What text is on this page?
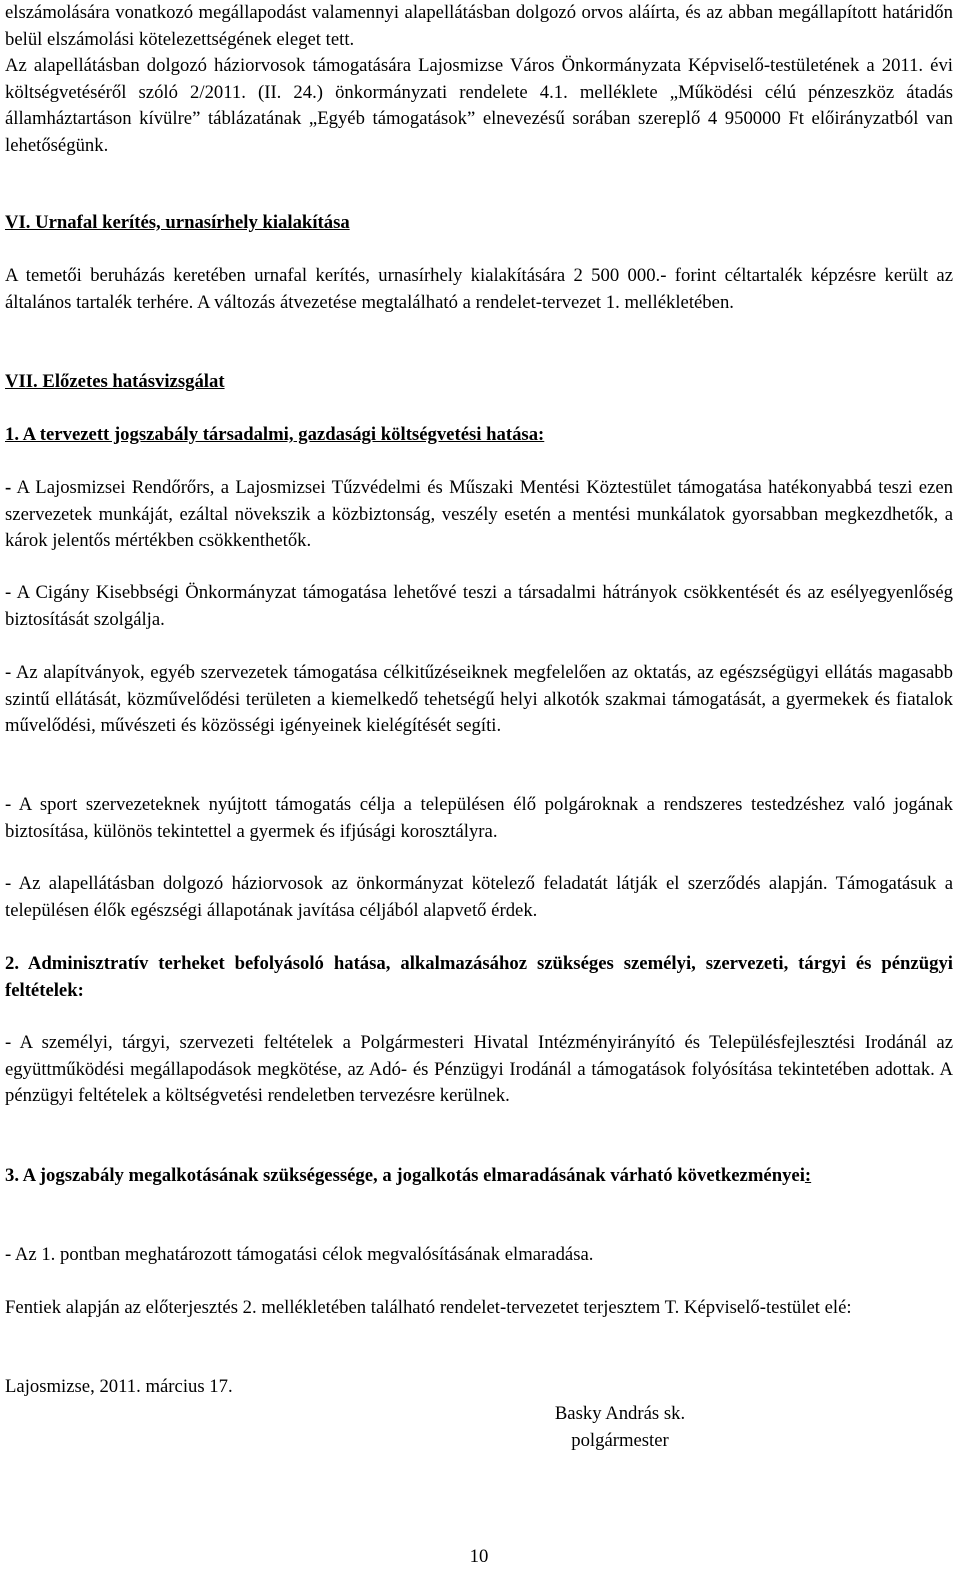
elszámolására vonatkozó megállapodást valamennyi alapellátásban dolgozó orvos aláírta, és az abban megállapított határidőn belül elszámolási kötelezettségének eleget tett.

Az alapellátásban dolgozó háziorvosok támogatására Lajosmizse Város Önkormányzata Képviselő-testületének a 2011. évi költségvetéséről szóló 2/2011. (II. 24.) önkormányzati rendelete 4.1. melléklete „Működési célú pénzeszköz átadás államháztartáson kívülre” táblázatának „Egyéb támogatások” elnevezésű sorában szereplő 4 950000 Ft előirányzatból van lehetőségünk.

VI. Urnafal kerítés, urnasírhely kialakítása

A temetői beruházás keretében urnafal kerítés, urnasírhely kialakítására 2 500 000.- forint céltartalék képzésre került az általános tartalék terhére. A változás átvezetése megtalálható a rendelet-tervezet 1. mellékletében.

VII. Előzetes hatásvizsgálat

1. A tervezett jogszabály társadalmi, gazdasági költségvetési hatása:

- A Lajosmizsei Rendőrőrs, a Lajosmizsei Tűzvédelmi és Műszaki Mentési Köztestület támogatása hatékonyabbá teszi ezen szervezetek munkáját, ezáltal növekszik a közbiztonság, veszély esetén a mentési munkálatok gyorsabban megkezdhetők, a károk jelentős mértékben csökkenthetők.

- A Cigány Kisebbségi Önkormányzat támogatása lehetővé teszi a társadalmi hátrányok csökkentését és az esélyegyenlőség biztosítását szolgálja.

- Az alapítványok, egyéb szervezetek támogatása célkitűzéseiknek megfelelően az oktatás, az egészségügyi ellátás magasabb szintű ellátását, közművelődési területen a kiemelkedő tehetségű helyi alkotók szakmai támogatását, a gyermekek és fiatalok művelődési, művészeti és közösségi igényeinek kielégítését segíti.

- A sport szervezeteknek nyújtott támogatás célja a településen élő polgároknak a rendszeres testedzéshez való jogának biztosítása, különös tekintettel a gyermek és ifjúsági korosztályra.

- Az alapellátásban dolgozó háziorvosok az önkormányzat kötelező feladatát látják el szerződés alapján. Támogatásuk a településen élők egészségi állapotának javítása céljából alapvető érdek.

2. Adminisztratív terheket befolyásoló hatása, alkalmazásához szükséges személyi, szervezeti, tárgyi és pénzügyi feltételek:

- A személyi, tárgyi, szervezeti feltételek a Polgármesteri Hivatal Intézményirányító és Településfejlesztési Irodánál az együttműködési megállapodások megkötése, az Adó- és Pénzügyi Irodánál a támogatások folyósítása tekintetében adottak. A pénzügyi feltételek a költségvetési rendeletben tervezésre kerülnek.

3. A jogszabály megalkotásának szükségessége, a jogalkotás elmaradásának várható következményei:

- Az 1. pontban meghatározott támogatási célok megvalósításának elmaradása.

Fentiek alapján az előterjesztés 2. mellékletében található rendelet-tervezetet terjesztem T. Képviselő-testület elé:

Lajosmizse, 2011. március 17.

Basky András sk.
polgármester
10
